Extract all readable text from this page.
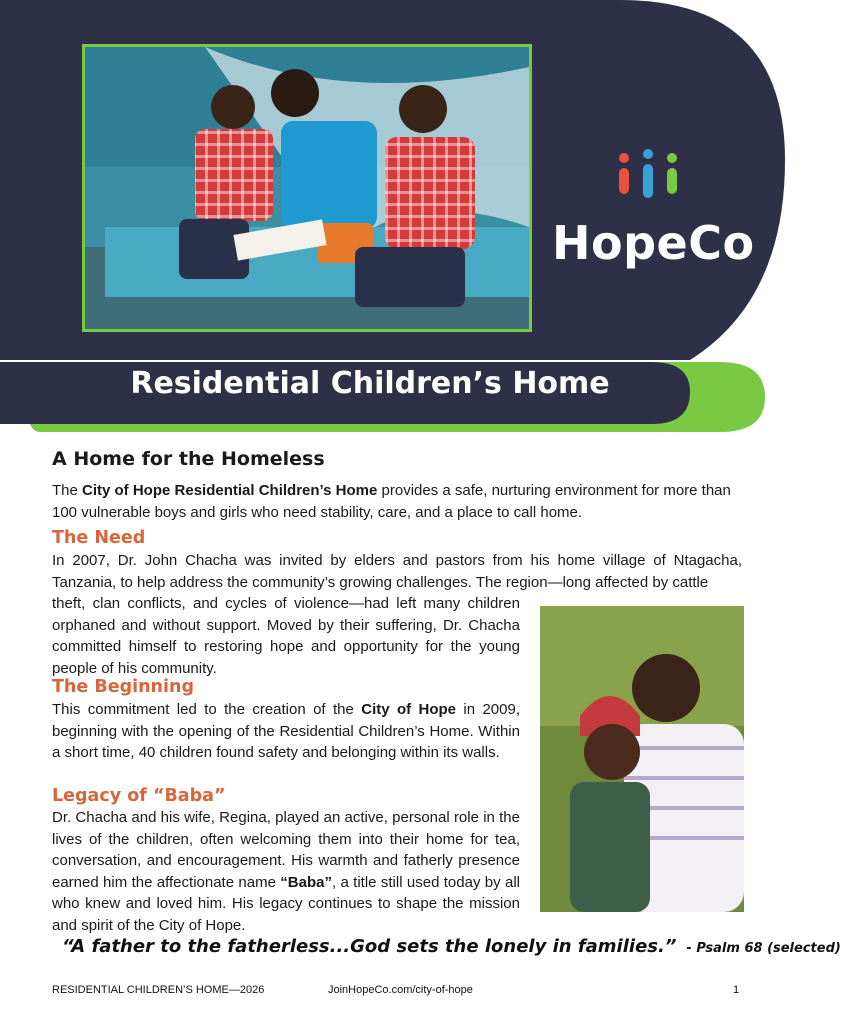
HopeCo
Residential Children’s Home
A Home for the Homeless

The City of Hope Residential Children’s Home provides a safe, nurturing environment for more than 100 vulnerable boys and girls who need stability, care, and a place to call home.

The Need

In 2007, Dr. John Chacha was invited by elders and pastors from his home village of Ntagacha, Tanzania, to help address the community’s growing challenges. The region—long affected by cattle

theft, clan conflicts, and cycles of violence—had left many children orphaned and without support. Moved by their suffering, Dr. Chacha committed himself to restoring hope and opportunity for the young people of his community.

The Beginning

This commitment led to the creation of the City of Hope in 2009, beginning with the opening of the Residential Children’s Home. Within a short time, 40 children found safety and belonging within its walls.

Legacy of “Baba”

Dr. Chacha and his wife, Regina, played an active, personal role in the lives of the children, often welcoming them into their home for tea, conversation, and encouragement. His warmth and fatherly presence earned him the affectionate name “Baba”, a title still used today by all who knew and loved him. His legacy continues to shape the mission and spirit of the City of Hope.

“A father to the fatherless...God sets the lonely in families.” - Psalm 68 (selected)
RESIDENTIAL CHILDREN’S HOME—2026	JoinHopeCo.com/city-of-hope	1
